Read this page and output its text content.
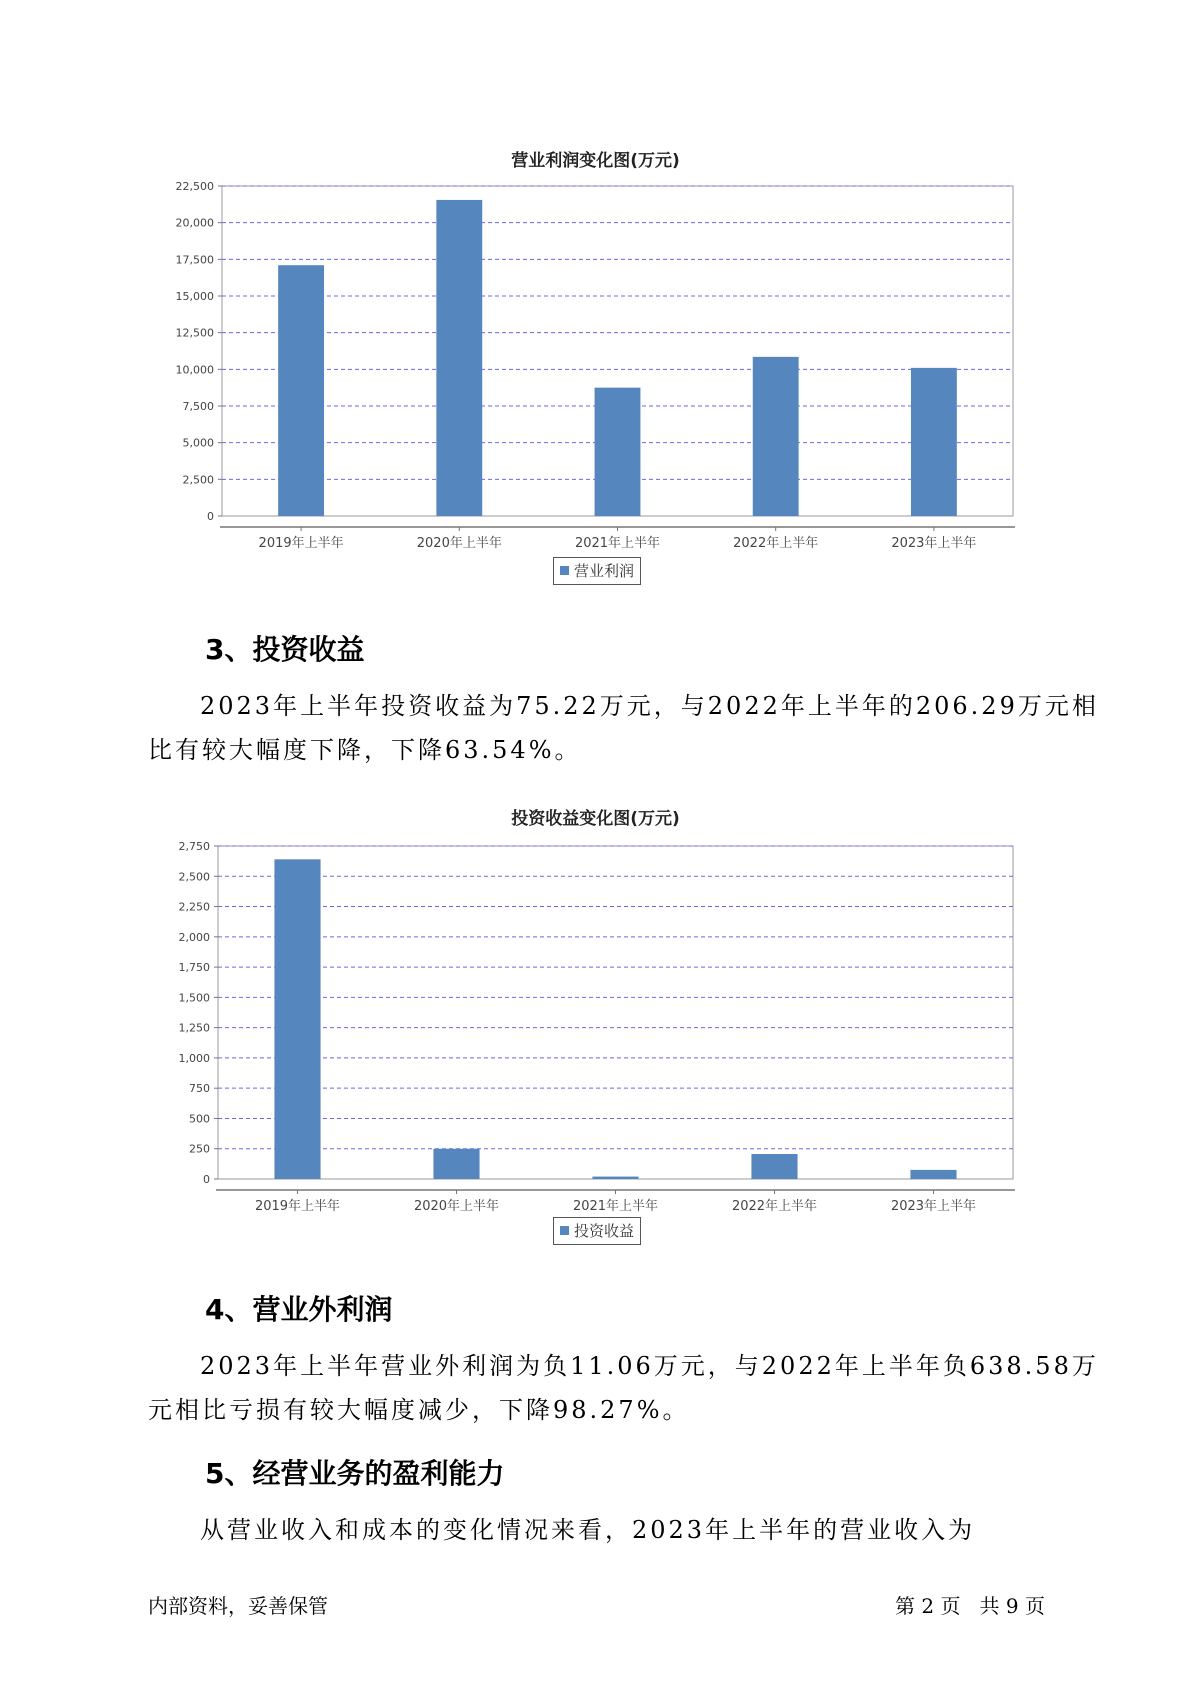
营业利润变化图(万元)
0
2,500
5,000
7,500
10,000
12,500
15,000
17,500
20,000
22,500
2019年上半年	2020年上半年	2021年上半年	2022年上半年	2023年上半年
营业利润
3、投资收益
2023年上半年投资收益为75.22万元，与2022年上半年的206.29万元相
比有较大幅度下降，下降63.54%。
投资收益变化图(万元)
0
250
500
750
1,000
1,250
1,500
1,750
2,000
2,250
2,500
2,750
2019年上半年	2020年上半年	2021年上半年	2022年上半年	2023年上半年
投资收益
4、营业外利润
2023年上半年营业外利润为负11.06万元，与2022年上半年负638.58万
元相比亏损有较大幅度减少，下降98.27%。
5、经营业务的盈利能力
从营业收入和成本的变化情况来看，2023年上半年的营业收入为
内部资料，妥善保管	第 2 页   共 9 页
